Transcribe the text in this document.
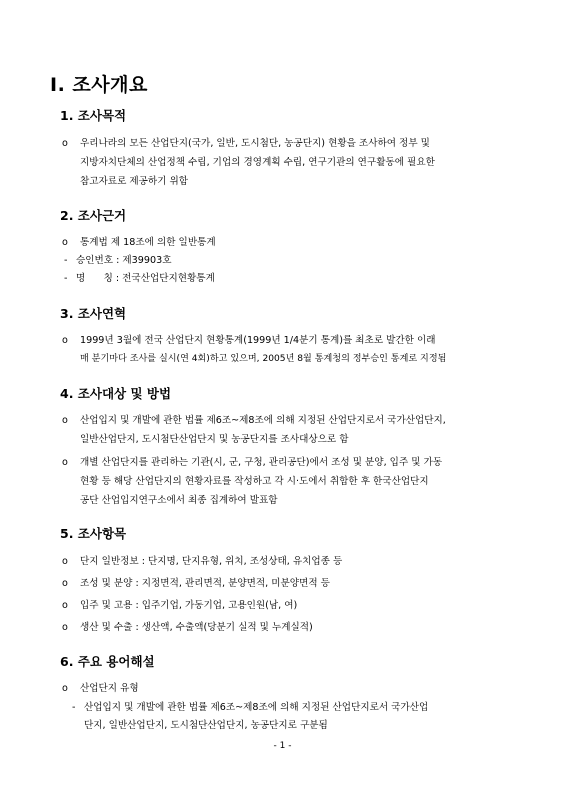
Ⅰ. 조사개요
1. 조사목적
o 우리나라의 모든 산업단지(국가, 일반, 도시첨단, 농공단지) 현황을 조사하여 정부 및
지방자치단체의 산업정책 수립, 기업의 경영계획 수립, 연구기관의 연구활동에 필요한
참고자료로 제공하기 위함
2. 조사근거
o 통계법 제 18조에 의한 일반통계
- 승인번호 : 제39903호
- 명      칭 : 전국산업단지현황통계
3. 조사연혁
o 1999년 3월에 전국 산업단지 현황통계(1999년 1/4분기 통계)를 최초로 발간한 이래
매 분기마다 조사를 실시(연 4회)하고 있으며, 2005년 8월 통계청의 정부승인 통계로 지정됨
4. 조사대상 및 방법
o 산업입지 및 개발에 관한 법률 제6조~제8조에 의해 지정된 산업단지로서 국가산업단지,
일반산업단지, 도시첨단산업단지 및 농공단지를 조사대상으로 함
o 개별 산업단지를 관리하는 기관(시, 군, 구청, 관리공단)에서 조성 및 분양, 입주 및 가동
현황 등 해당 산업단지의 현황자료를 작성하고 각 시·도에서 취합한 후 한국산업단지
공단 산업입지연구소에서 최종 집계하여 발표함
5. 조사항목
o 단지 일반정보 : 단지명, 단지유형, 위치, 조성상태, 유치업종 등
o 조성 및 분양 : 지정면적, 관리면적, 분양면적, 미분양면적 등
o 입주 및 고용 : 입주기업, 가동기업, 고용인원(남, 여)
o 생산 및 수출 : 생산액, 수출액(당분기 실적 및 누계실적)
6. 주요 용어해설
o 산업단지 유형
- 산업입지 및 개발에 관한 법률 제6조~제8조에 의해 지정된 산업단지로서 국가산업
단지, 일반산업단지, 도시첨단산업단지, 농공단지로 구분됨
- 1 -
